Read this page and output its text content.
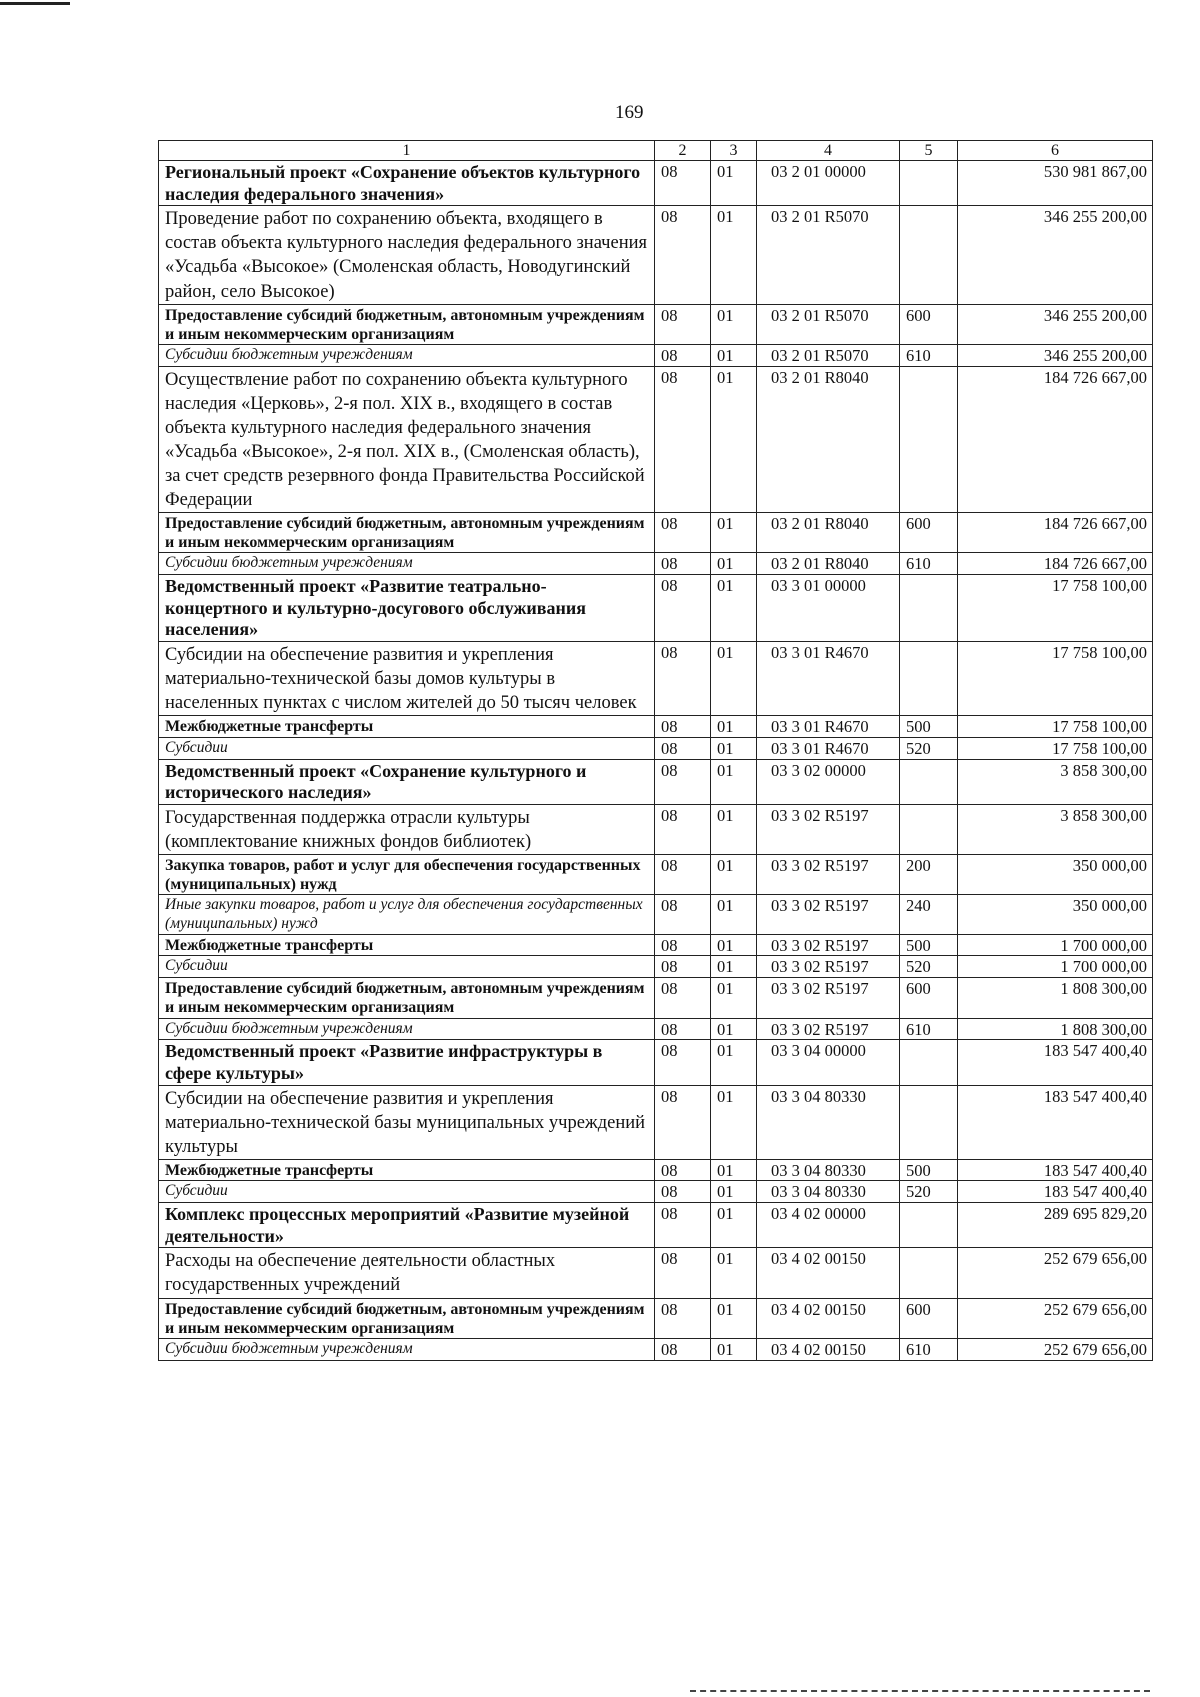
169
1	2	3	4	5	6
Региональный проект «Сохранение объектов культурного наследия федерального значения»	08	01	03 2 01 00000		530 981 867,00
Проведение работ по сохранению объекта, входящего в состав объекта культурного наследия федерального значения «Усадьба «Высокое» (Смоленская область, Новодугинский район, село Высокое)	08	01	03 2 01 R5070		346 255 200,00
Предоставление субсидий бюджетным, автономным учреждениям и иным некоммерческим организациям	08	01	03 2 01 R5070	600	346 255 200,00
Субсидии бюджетным учреждениям	08	01	03 2 01 R5070	610	346 255 200,00
Осуществление работ по сохранению объекта культурного наследия «Церковь», 2-я пол. XIX в., входящего в состав объекта культурного наследия федерального значения «Усадьба «Высокое», 2-я пол. XIX в., (Смоленская область), за счет средств резервного фонда Правительства Российской Федерации	08	01	03 2 01 R8040		184 726 667,00
Предоставление субсидий бюджетным, автономным учреждениям и иным некоммерческим организациям	08	01	03 2 01 R8040	600	184 726 667,00
Субсидии бюджетным учреждениям	08	01	03 2 01 R8040	610	184 726 667,00
Ведомственный проект «Развитие театрально-концертного и культурно-досугового обслуживания населения»	08	01	03 3 01 00000		17 758 100,00
Субсидии на обеспечение развития и укрепления материально-технической базы домов культуры в населенных пунктах с числом жителей до 50 тысяч человек	08	01	03 3 01 R4670		17 758 100,00
Межбюджетные трансферты	08	01	03 3 01 R4670	500	17 758 100,00
Субсидии	08	01	03 3 01 R4670	520	17 758 100,00
Ведомственный проект «Сохранение культурного и исторического наследия»	08	01	03 3 02 00000		3 858 300,00
Государственная поддержка отрасли культуры (комплектование книжных фондов библиотек)	08	01	03 3 02 R5197		3 858 300,00
Закупка товаров, работ и услуг для обеспечения государственных (муниципальных) нужд	08	01	03 3 02 R5197	200	350 000,00
Иные закупки товаров, работ и услуг для обеспечения государственных (муниципальных) нужд	08	01	03 3 02 R5197	240	350 000,00
Межбюджетные трансферты	08	01	03 3 02 R5197	500	1 700 000,00
Субсидии	08	01	03 3 02 R5197	520	1 700 000,00
Предоставление субсидий бюджетным, автономным учреждениям и иным некоммерческим организациям	08	01	03 3 02 R5197	600	1 808 300,00
Субсидии бюджетным учреждениям	08	01	03 3 02 R5197	610	1 808 300,00
Ведомственный проект «Развитие инфраструктуры в сфере культуры»	08	01	03 3 04 00000		183 547 400,40
Субсидии на обеспечение развития и укрепления материально-технической базы муниципальных учреждений культуры	08	01	03 3 04 80330		183 547 400,40
Межбюджетные трансферты	08	01	03 3 04 80330	500	183 547 400,40
Субсидии	08	01	03 3 04 80330	520	183 547 400,40
Комплекс процессных мероприятий «Развитие музейной деятельности»	08	01	03 4 02 00000		289 695 829,20
Расходы на обеспечение деятельности областных государственных учреждений	08	01	03 4 02 00150		252 679 656,00
Предоставление субсидий бюджетным, автономным учреждениям и иным некоммерческим организациям	08	01	03 4 02 00150	600	252 679 656,00
Субсидии бюджетным учреждениям	08	01	03 4 02 00150	610	252 679 656,00
